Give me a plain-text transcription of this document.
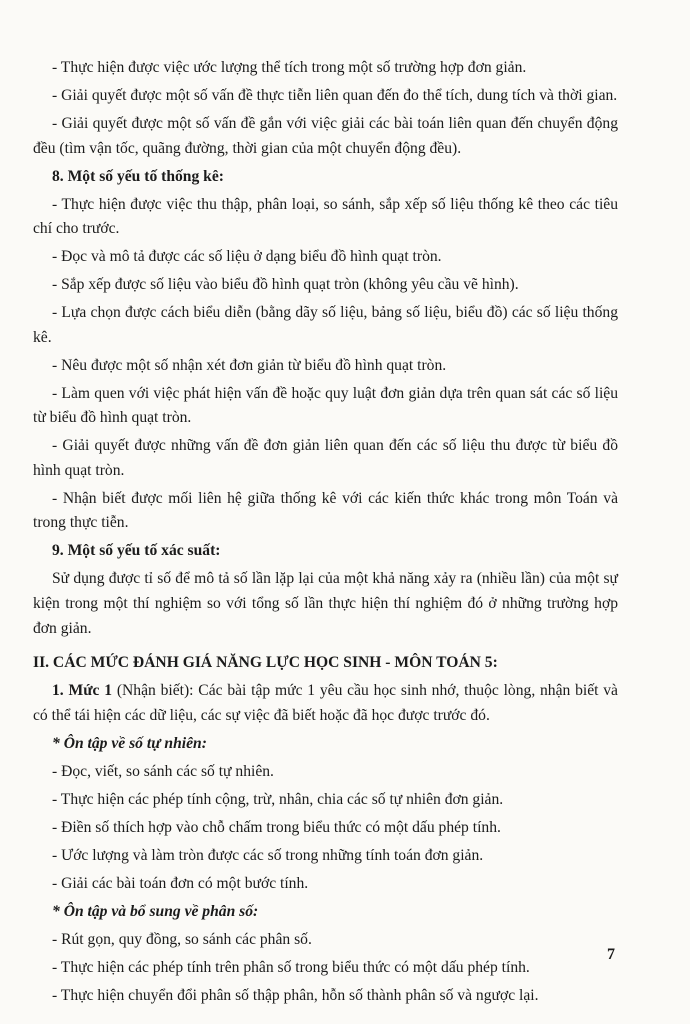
- Thực hiện được việc ước lượng thể tích trong một số trường hợp đơn giản.

- Giải quyết được một số vấn đề thực tiễn liên quan đến đo thể tích, dung tích và thời gian.

- Giải quyết được một số vấn đề gắn với việc giải các bài toán liên quan đến chuyển động đều (tìm vận tốc, quãng đường, thời gian của một chuyển động đều).

8. Một số yếu tố thống kê:

- Thực hiện được việc thu thập, phân loại, so sánh, sắp xếp số liệu thống kê theo các tiêu chí cho trước.

- Đọc và mô tả được các số liệu ở dạng biểu đồ hình quạt tròn.

- Sắp xếp được số liệu vào biểu đồ hình quạt tròn (không yêu cầu vẽ hình).

- Lựa chọn được cách biểu diễn (bằng dãy số liệu, bảng số liệu, biểu đồ) các số liệu thống kê.

- Nêu được một số nhận xét đơn giản từ biểu đồ hình quạt tròn.

- Làm quen với việc phát hiện vấn đề hoặc quy luật đơn giản dựa trên quan sát các số liệu từ biểu đồ hình quạt tròn.

- Giải quyết được những vấn đề đơn giản liên quan đến các số liệu thu được từ biểu đồ hình quạt tròn.

- Nhận biết được mối liên hệ giữa thống kê với các kiến thức khác trong môn Toán và trong thực tiễn.

9. Một số yếu tố xác suất:

Sử dụng được tỉ số để mô tả số lần lặp lại của một khả năng xảy ra (nhiều lần) của một sự kiện trong một thí nghiệm so với tổng số lần thực hiện thí nghiệm đó ở những trường hợp đơn giản.

II. CÁC MỨC ĐÁNH GIÁ NĂNG LỰC HỌC SINH - MÔN TOÁN 5:

1. Mức 1 (Nhận biết): Các bài tập mức 1 yêu cầu học sinh nhớ, thuộc lòng, nhận biết và có thể tái hiện các dữ liệu, các sự việc đã biết hoặc đã học được trước đó.

* Ôn tập về số tự nhiên:

- Đọc, viết, so sánh các số tự nhiên.

- Thực hiện các phép tính cộng, trừ, nhân, chia các số tự nhiên đơn giản.

- Điền số thích hợp vào chỗ chấm trong biểu thức có một dấu phép tính.

- Ước lượng và làm tròn được các số trong những tính toán đơn giản.

- Giải các bài toán đơn có một bước tính.

* Ôn tập và bổ sung về phân số:

- Rút gọn, quy đồng, so sánh các phân số.

- Thực hiện các phép tính trên phân số trong biểu thức có một dấu phép tính.

- Thực hiện chuyển đổi phân số thập phân, hỗn số thành phân số và ngược lại.

7
